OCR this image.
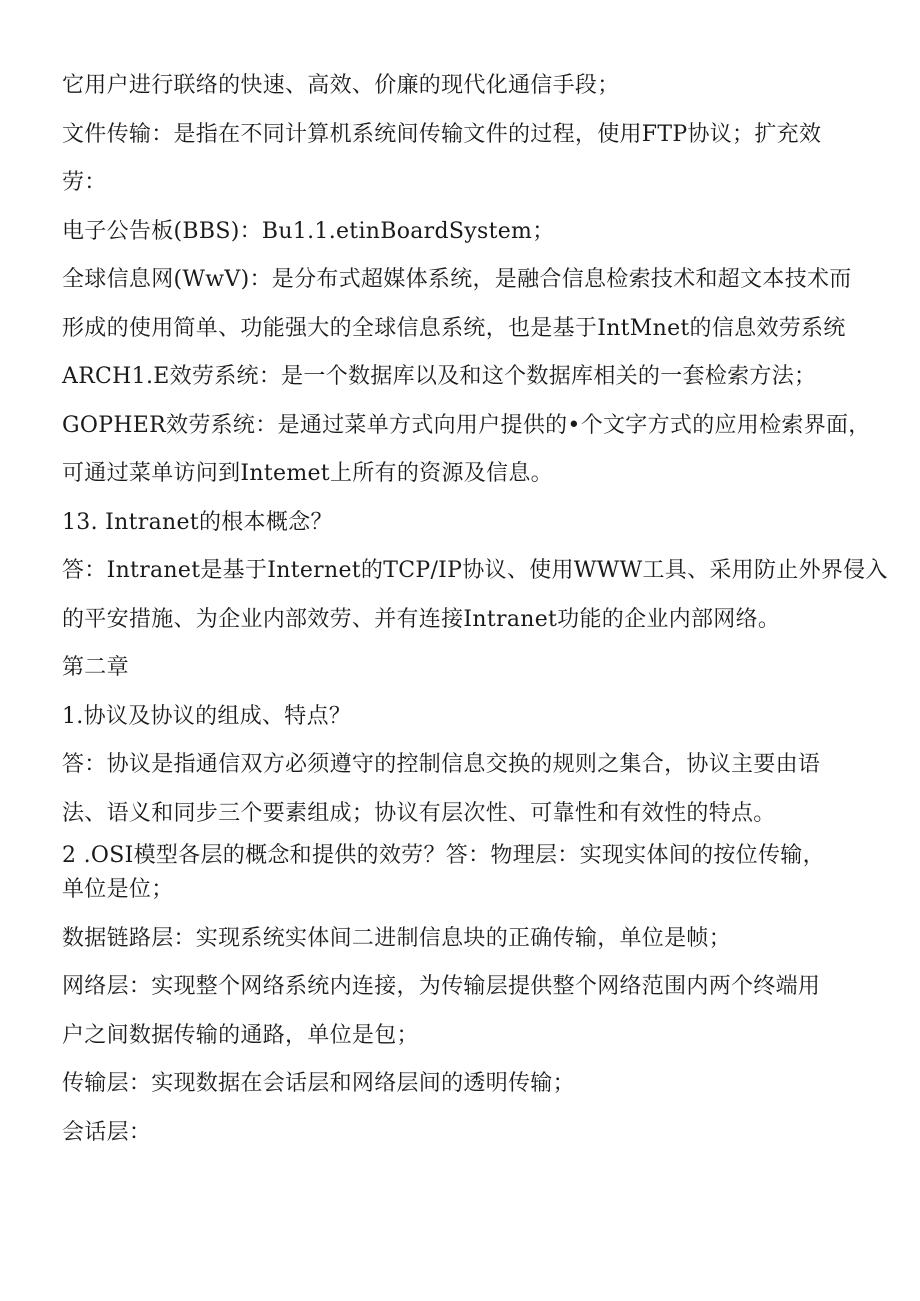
它用户进行联络的快速、高效、价廉的现代化通信手段；
文件传输：是指在不同计算机系统间传输文件的过程，使用FTP协议；扩充效
劳：
电子公告板(BBS)：Bu1.1.etinBoardSystem；
全球信息网(WwV)：是分布式超媒体系统，是融合信息检索技术和超文本技术而
形成的使用简单、功能强大的全球信息系统，也是基于IntMnet的信息效劳系统
ARCH1.E效劳系统：是一个数据库以及和这个数据库相关的一套检索方法；
GOPHER效劳系统：是通过菜单方式向用户提供的•个文字方式的应用检索界面，
可通过菜单访问到Intemet上所有的资源及信息。
13. Intranet的根本概念？
答：Intranet是基于Internet的TCP/IP协议、使用WWW工具、采用防止外界侵入
的平安措施、为企业内部效劳、并有连接Intranet功能的企业内部网络。
第二章
1.协议及协议的组成、特点？
答：协议是指通信双方必须遵守的控制信息交换的规则之集合，协议主要由语
法、语义和同步三个要素组成；协议有层次性、可靠性和有效性的特点。
2 .OSI模型各层的概念和提供的效劳？答：物理层：实现实体间的按位传输，
单位是位；
数据链路层：实现系统实体间二进制信息块的正确传输，单位是帧；
网络层：实现整个网络系统内连接，为传输层提供整个网络范围内两个终端用
户之间数据传输的通路，单位是包；
传输层：实现数据在会话层和网络层间的透明传输；
会话层：
